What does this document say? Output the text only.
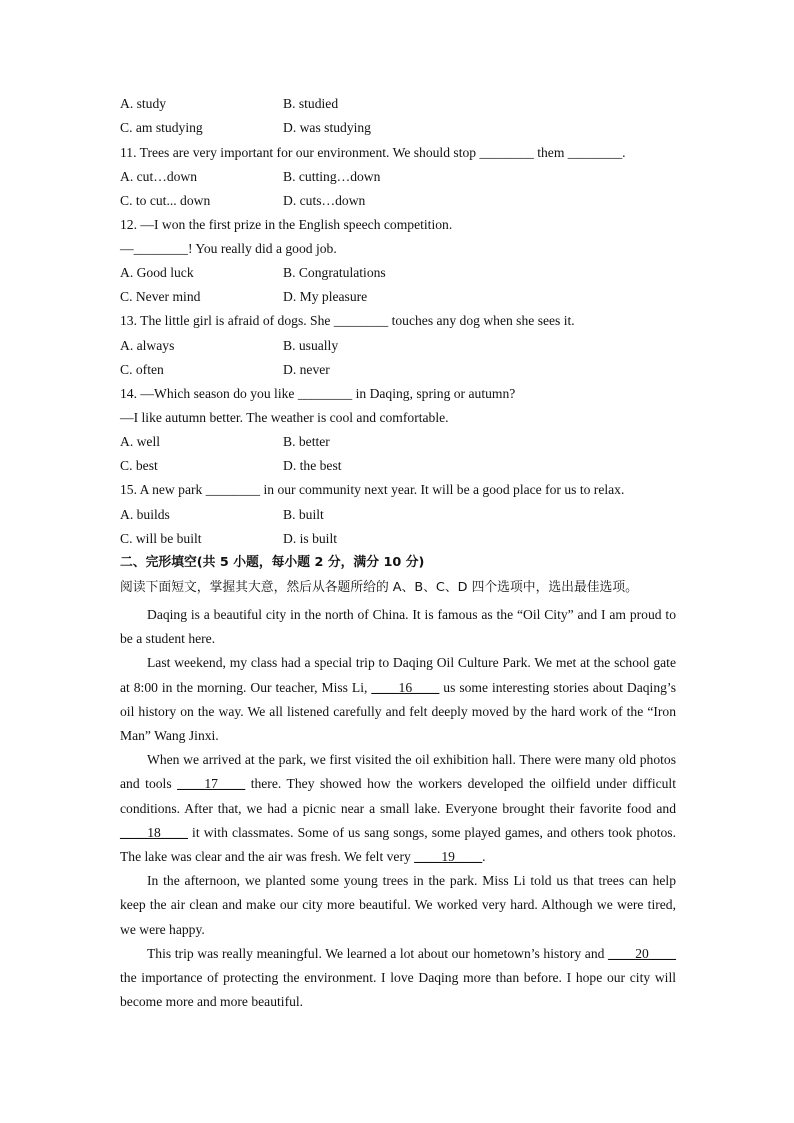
A. study	B. studied
C. am studying	D. was studying
11. Trees are very important for our environment. We should stop ________ them ________.
A. cut…down	B. cutting…down
C. to cut... down	D. cuts…down
12. —I won the first prize in the English speech competition.
—________! You really did a good job.
A. Good luck	B. Congratulations
C. Never mind	D. My pleasure
13. The little girl is afraid of dogs. She ________ touches any dog when she sees it.
A. always	B. usually
C. often	D. never
14. —Which season do you like ________ in Daqing, spring or autumn?
—I like autumn better. The weather is cool and comfortable.
A. well	B. better
C. best	D. the best
15. A new park ________ in our community next year. It will be a good place for us to relax.
A. builds	B. built
C. will be built	D. is built
二、完形填空(共 5 小题，每小题 2 分，满分 10 分)
阅读下面短文，掌握其大意，然后从各题所给的 A、B、C、D 四个选项中，选出最佳选项。

Daqing is a beautiful city in the north of China. It is famous as the “Oil City” and I am proud to be a student here.

Last weekend, my class had a special trip to Daqing Oil Culture Park. We met at the school gate at 8:00 in the morning. Our teacher, Miss Li, ____16____ us some interesting stories about Daqing’s oil history on the way. We all listened carefully and felt deeply moved by the hard work of the “Iron Man” Wang Jinxi.

When we arrived at the park, we first visited the oil exhibition hall. There were many old photos and tools ____17____ there. They showed how the workers developed the oilfield under difficult conditions. After that, we had a picnic near a small lake. Everyone brought their favorite food and ____18____ it with classmates. Some of us sang songs, some played games, and others took photos. The lake was clear and the air was fresh. We felt very ____19____.

In the afternoon, we planted some young trees in the park. Miss Li told us that trees can help keep the air clean and make our city more beautiful. We worked very hard. Although we were tired, we were happy.

This trip was really meaningful. We learned a lot about our hometown’s history and ____20____ the importance of protecting the environment. I love Daqing more than before. I hope our city will become more and more beautiful.
